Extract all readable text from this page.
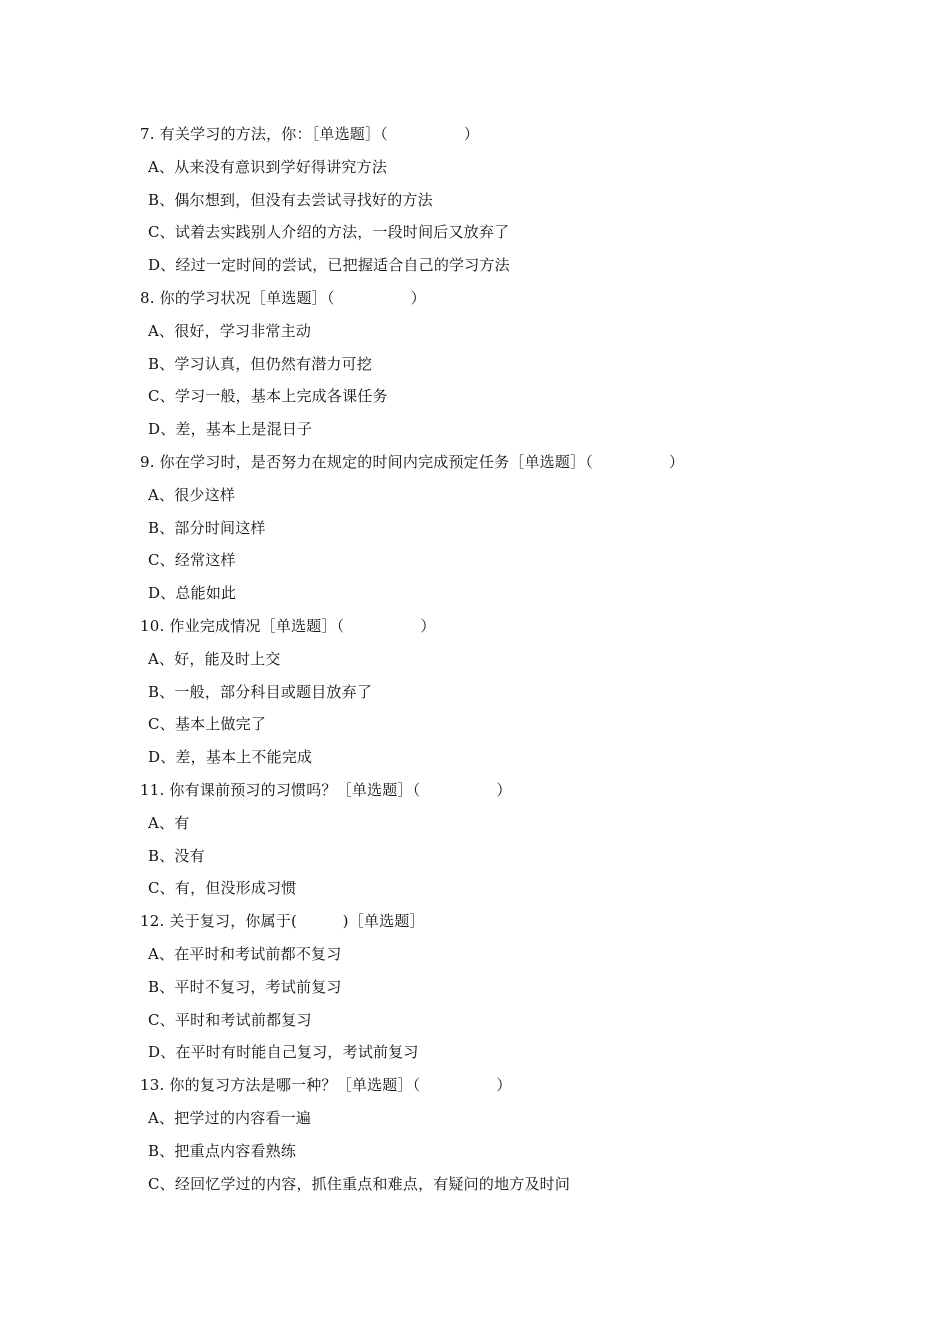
7. 有关学习的方法，你：［单选题］（　　　　　）
A、从来没有意识到学好得讲究方法
B、偶尔想到，但没有去尝试寻找好的方法
C、试着去实践别人介绍的方法，一段时间后又放弃了
D、经过一定时间的尝试，已把握适合自己的学习方法
8. 你的学习状况［单选题］（　　　　　）
A、很好，学习非常主动
B、学习认真，但仍然有潜力可挖
C、学习一般，基本上完成各课任务
D、差，基本上是混日子
9. 你在学习时，是否努力在规定的时间内完成预定任务［单选题］（　　　　　）
A、很少这样
B、部分时间这样
C、经常这样
D、总能如此
10. 作业完成情况［单选题］（　　　　　）
A、好，能及时上交
B、一般，部分科目或题目放弃了
C、基本上做完了
D、差，基本上不能完成
11. 你有课前预习的习惯吗？［单选题］（　　　　　）
A、有
B、没有
C、有，但没形成习惯
12. 关于复习，你属于(　　　)［单选题］
A、在平时和考试前都不复习
B、平时不复习，考试前复习
C、平时和考试前都复习
D、在平时有时能自己复习，考试前复习
13. 你的复习方法是哪一种？［单选题］（　　　　　）
A、把学过的内容看一遍
B、把重点内容看熟练
C、经回忆学过的内容，抓住重点和难点，有疑问的地方及时问
